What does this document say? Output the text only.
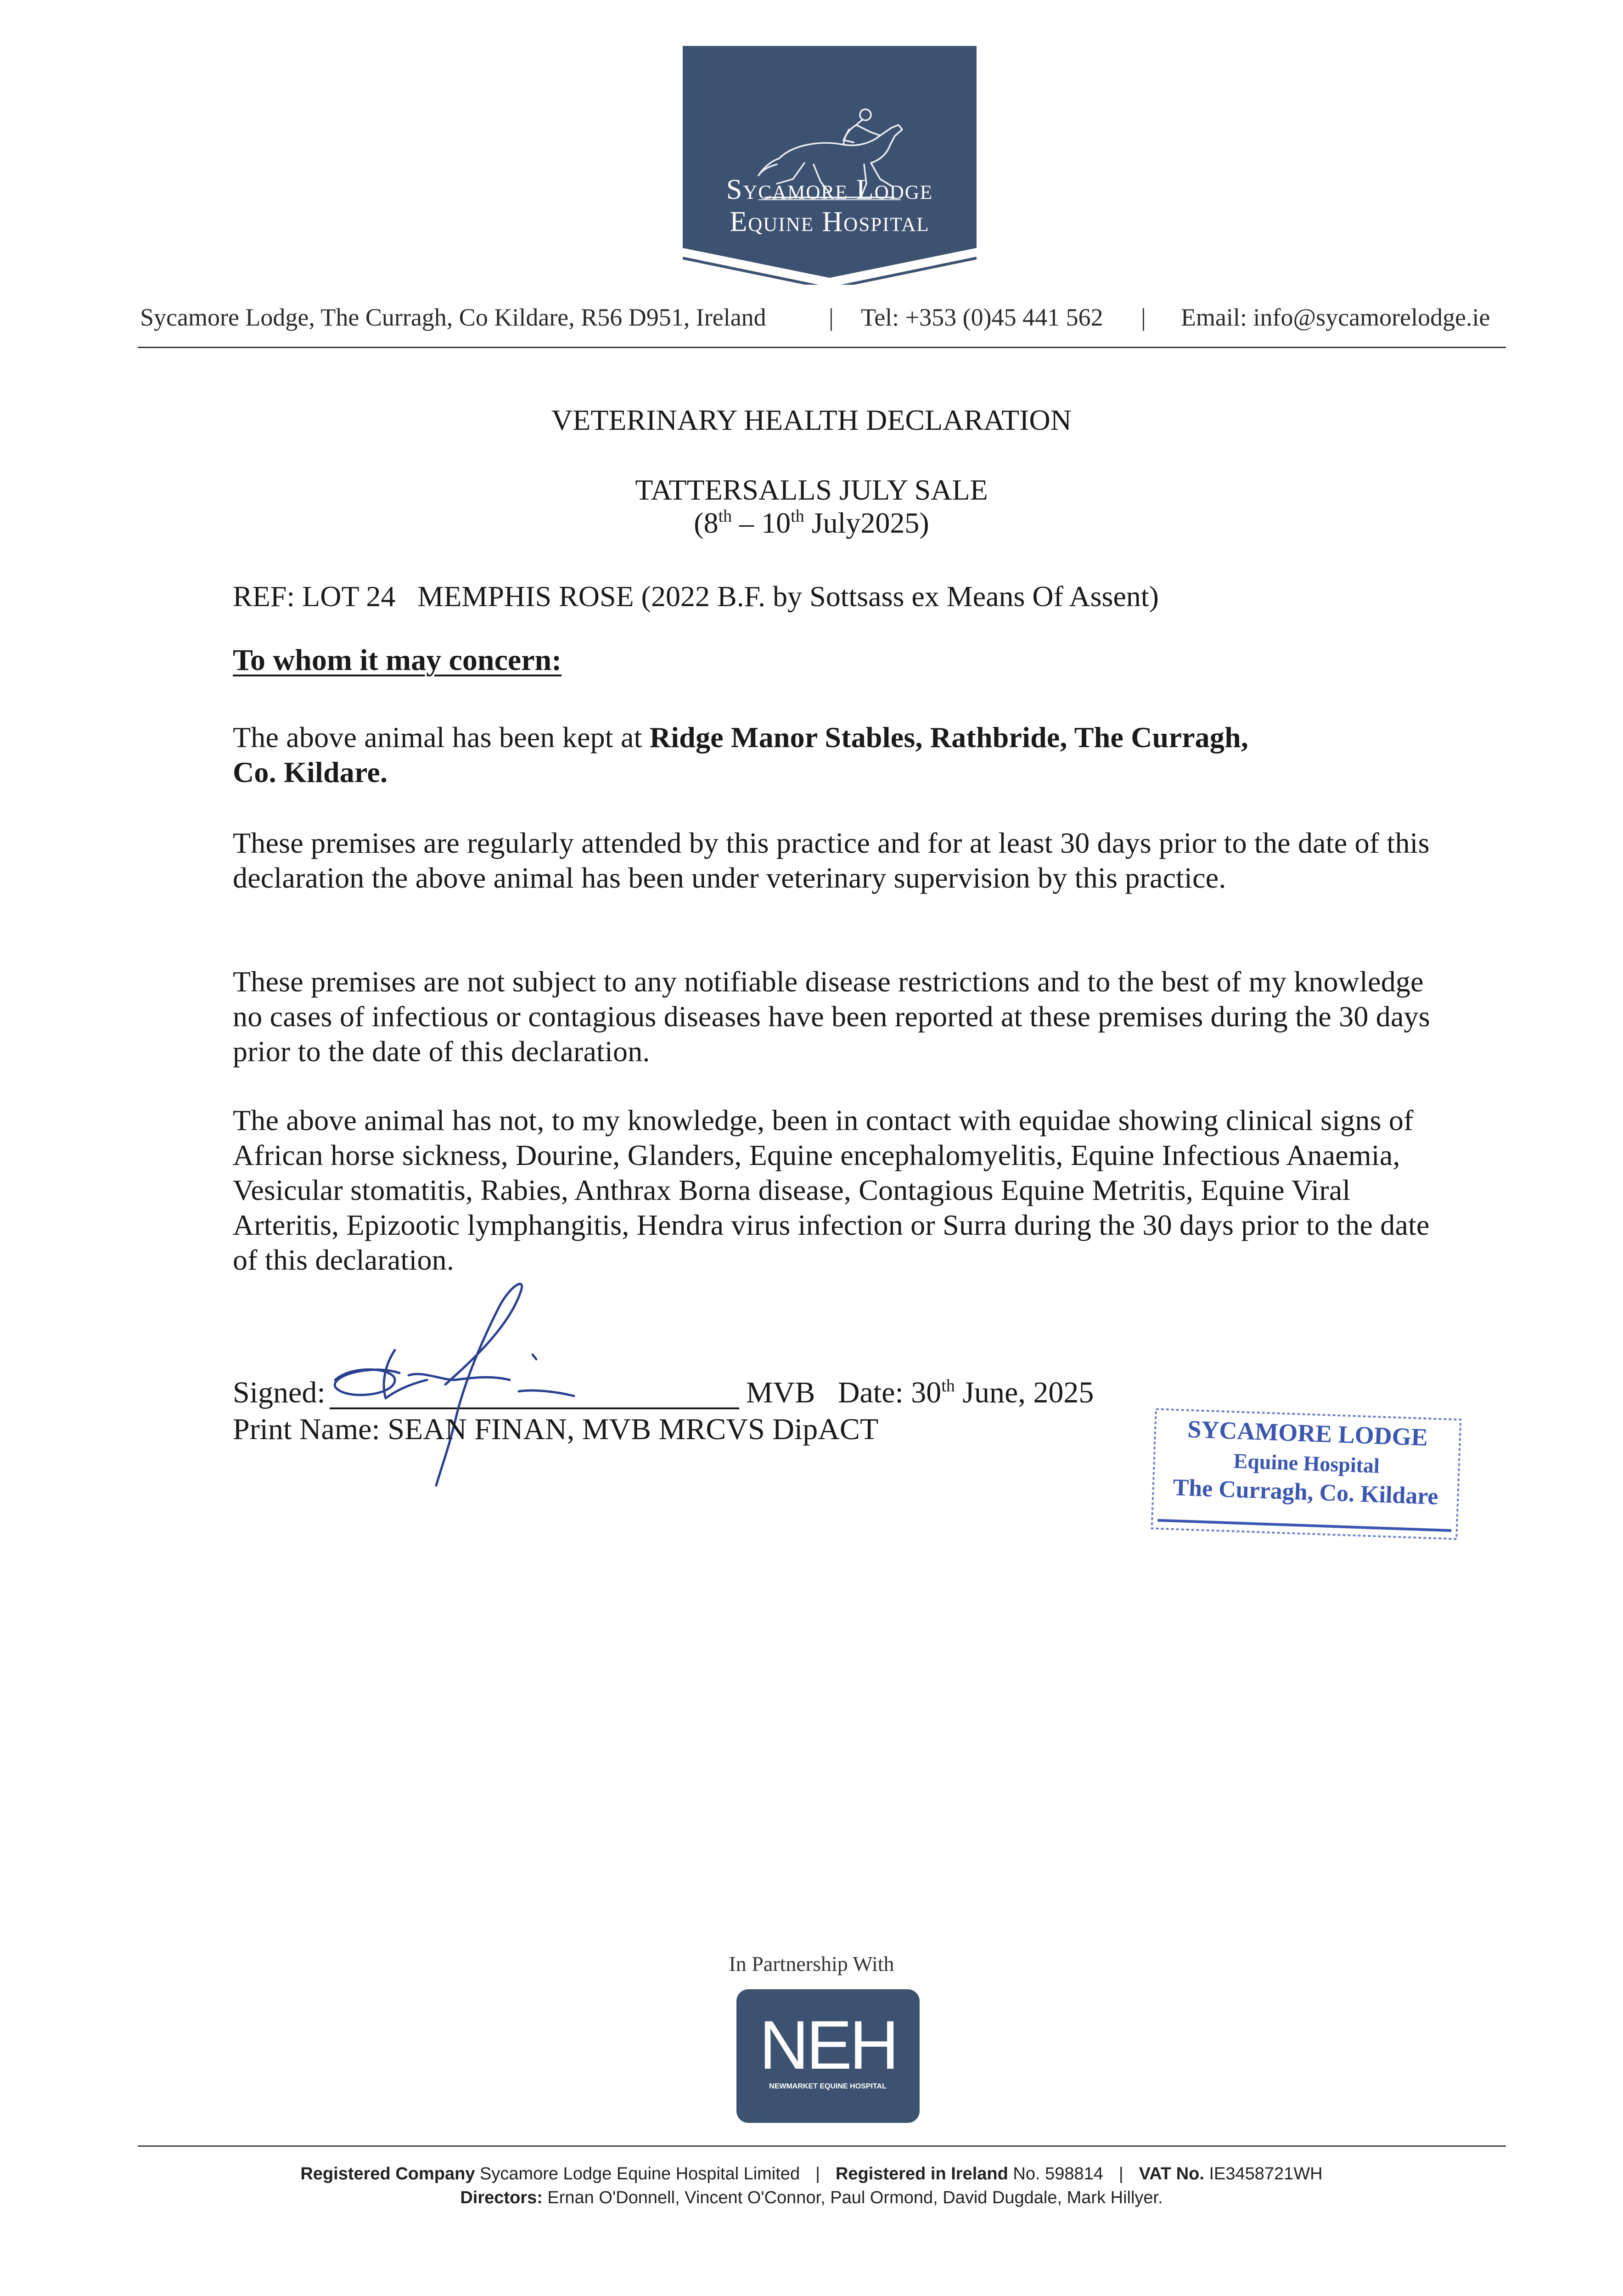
Sycamore Lodge
Equine Hospital
Sycamore Lodge, The Curragh, Co Kildare, R56 D951, Ireland	| Tel: +353 (0)45 441 562 | Email: info@sycamorelodge.ie
VETERINARY HEALTH DECLARATION
TATTERSALLS JULY SALE
(8th – 10th July2025)
REF: LOT 24   MEMPHIS ROSE (2022 B.F. by Sottsass ex Means Of Assent)
To whom it may concern:
The above animal has been kept at Ridge Manor Stables, Rathbride, The Curragh,
Co. Kildare.
These premises are regularly attended by this practice and for at least 30 days prior to the date of this declaration the above animal has been under veterinary supervision by this practice.
These premises are not subject to any notifiable disease restrictions and to the best of my knowledge no cases of infectious or contagious diseases have been reported at these premises during the 30 days prior to the date of this declaration.
The above animal has not, to my knowledge, been in contact with equidae showing clinical signs of African horse sickness, Dourine, Glanders, Equine encephalomyelitis, Equine Infectious Anaemia, Vesicular stomatitis, Rabies, Anthrax Borna disease, Contagious Equine Metritis, Equine Viral Arteritis, Epizootic lymphangitis, Hendra virus infection or Surra during the 30 days prior to the date of this declaration.
Signed:	MVB Date: 30th June, 2025
Print Name: SEAN FINAN, MVB MRCVS DipACT	SYCAMORE LODGE
Equine Hospital
The Curragh, Co. Kildare
In Partnership With
NEH
NEWMARKET EQUINE HOSPITAL
Registered Company Sycamore Lodge Equine Hospital Limited | Registered in Ireland No. 598814 | VAT No. IE3458721WH
Directors: Ernan O'Donnell, Vincent O'Connor, Paul Ormond, David Dugdale, Mark Hillyer.
